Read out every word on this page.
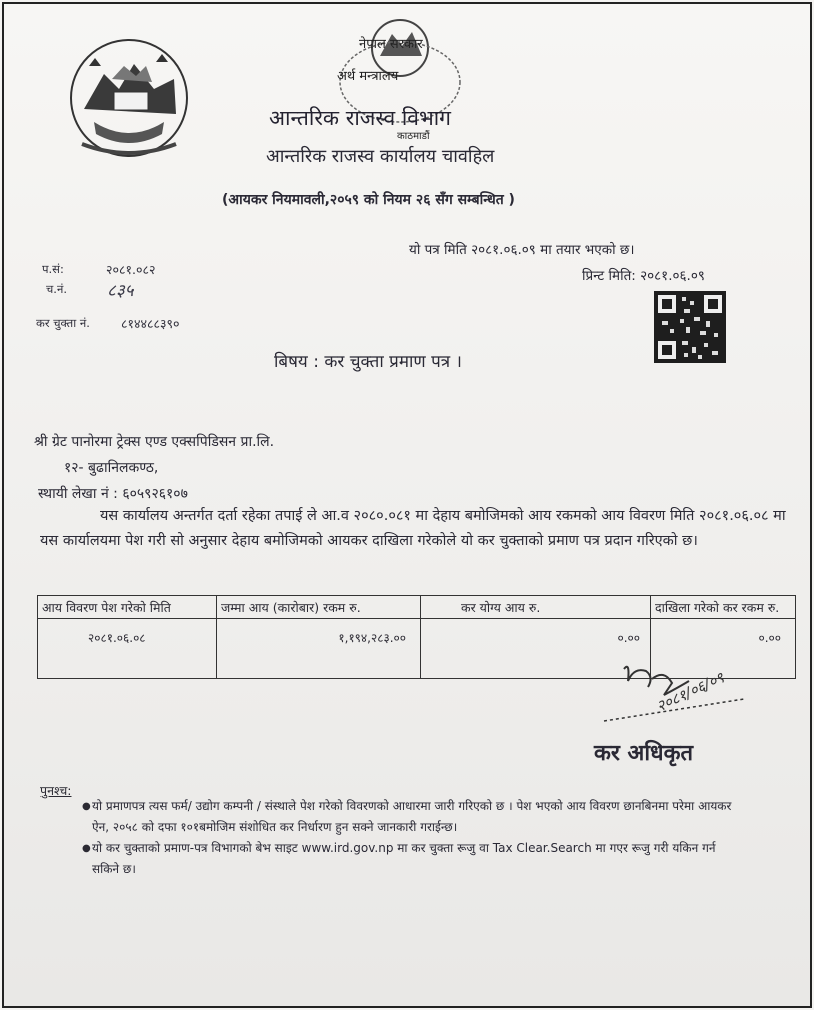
नेपाल सरकार
अर्थ मन्त्रालय
काठमाडौं
आन्तरिक राजस्व विभाग
आन्तरिक राजस्व कार्यालय चावहिल
(आयकर नियमावली,२०५९ को नियम २६ सँग सम्बन्धित )
यो पत्र मिति २०८१.०६.०९ मा तयार भएको छ।
प्रिन्ट मिति: २०८१.०६.०९
प.सं:	२०८१.०८२
च.नं. ८३५
कर चुक्ता नं. ८१४४८८३९०
बिषय : कर चुक्ता प्रमाण पत्र ।
श्री ग्रेट पानोरमा ट्रेक्स एण्ड एक्सपिडिसन प्रा.लि.
१२- बुढानिलकण्ठ,
स्थायी लेखा नं : ६०५९२६१०७
यस कार्यालय अन्तर्गत दर्ता रहेका तपाई ले आ.व २०८०.०८१ मा देहाय बमोजिमको आय रकमको आय विवरण मिति २०८१.०६.०८ मा यस कार्यालयमा पेश गरी सो अनुसार देहाय बमोजिमको आयकर दाखिला गरेकोले यो कर चुक्ताको प्रमाण पत्र प्रदान गरिएको छ।
आय विवरण पेश गरेको मिति	जम्मा आय (कारोबार) रकम रु.	कर योग्य आय रु.	दाखिला गरेको कर रकम रु.
२०८१.०६.०८	१,१९४,२८३.००	०.००	०.००
२०८१/०६/०९
कर अधिकृत
पुनश्च:
● यो प्रमाणपत्र त्यस फर्म/ उद्योग कम्पनी / संस्थाले पेश गरेको विवरणको आधारमा जारी गरिएको छ । पेश भएको आय विवरण छानबिनमा परेमा आयकर ऐन, २०५८ को दफा १०१बमोजिम संशोधित कर निर्धारण हुन सक्ने जानकारी गराईन्छ।
● यो कर चुक्ताको प्रमाण-पत्र विभागको बेभ साइट www.ird.gov.np मा कर चुक्ता रूजु वा Tax Clear.Search मा गएर रूजु गरी यकिन गर्न सकिने छ।
